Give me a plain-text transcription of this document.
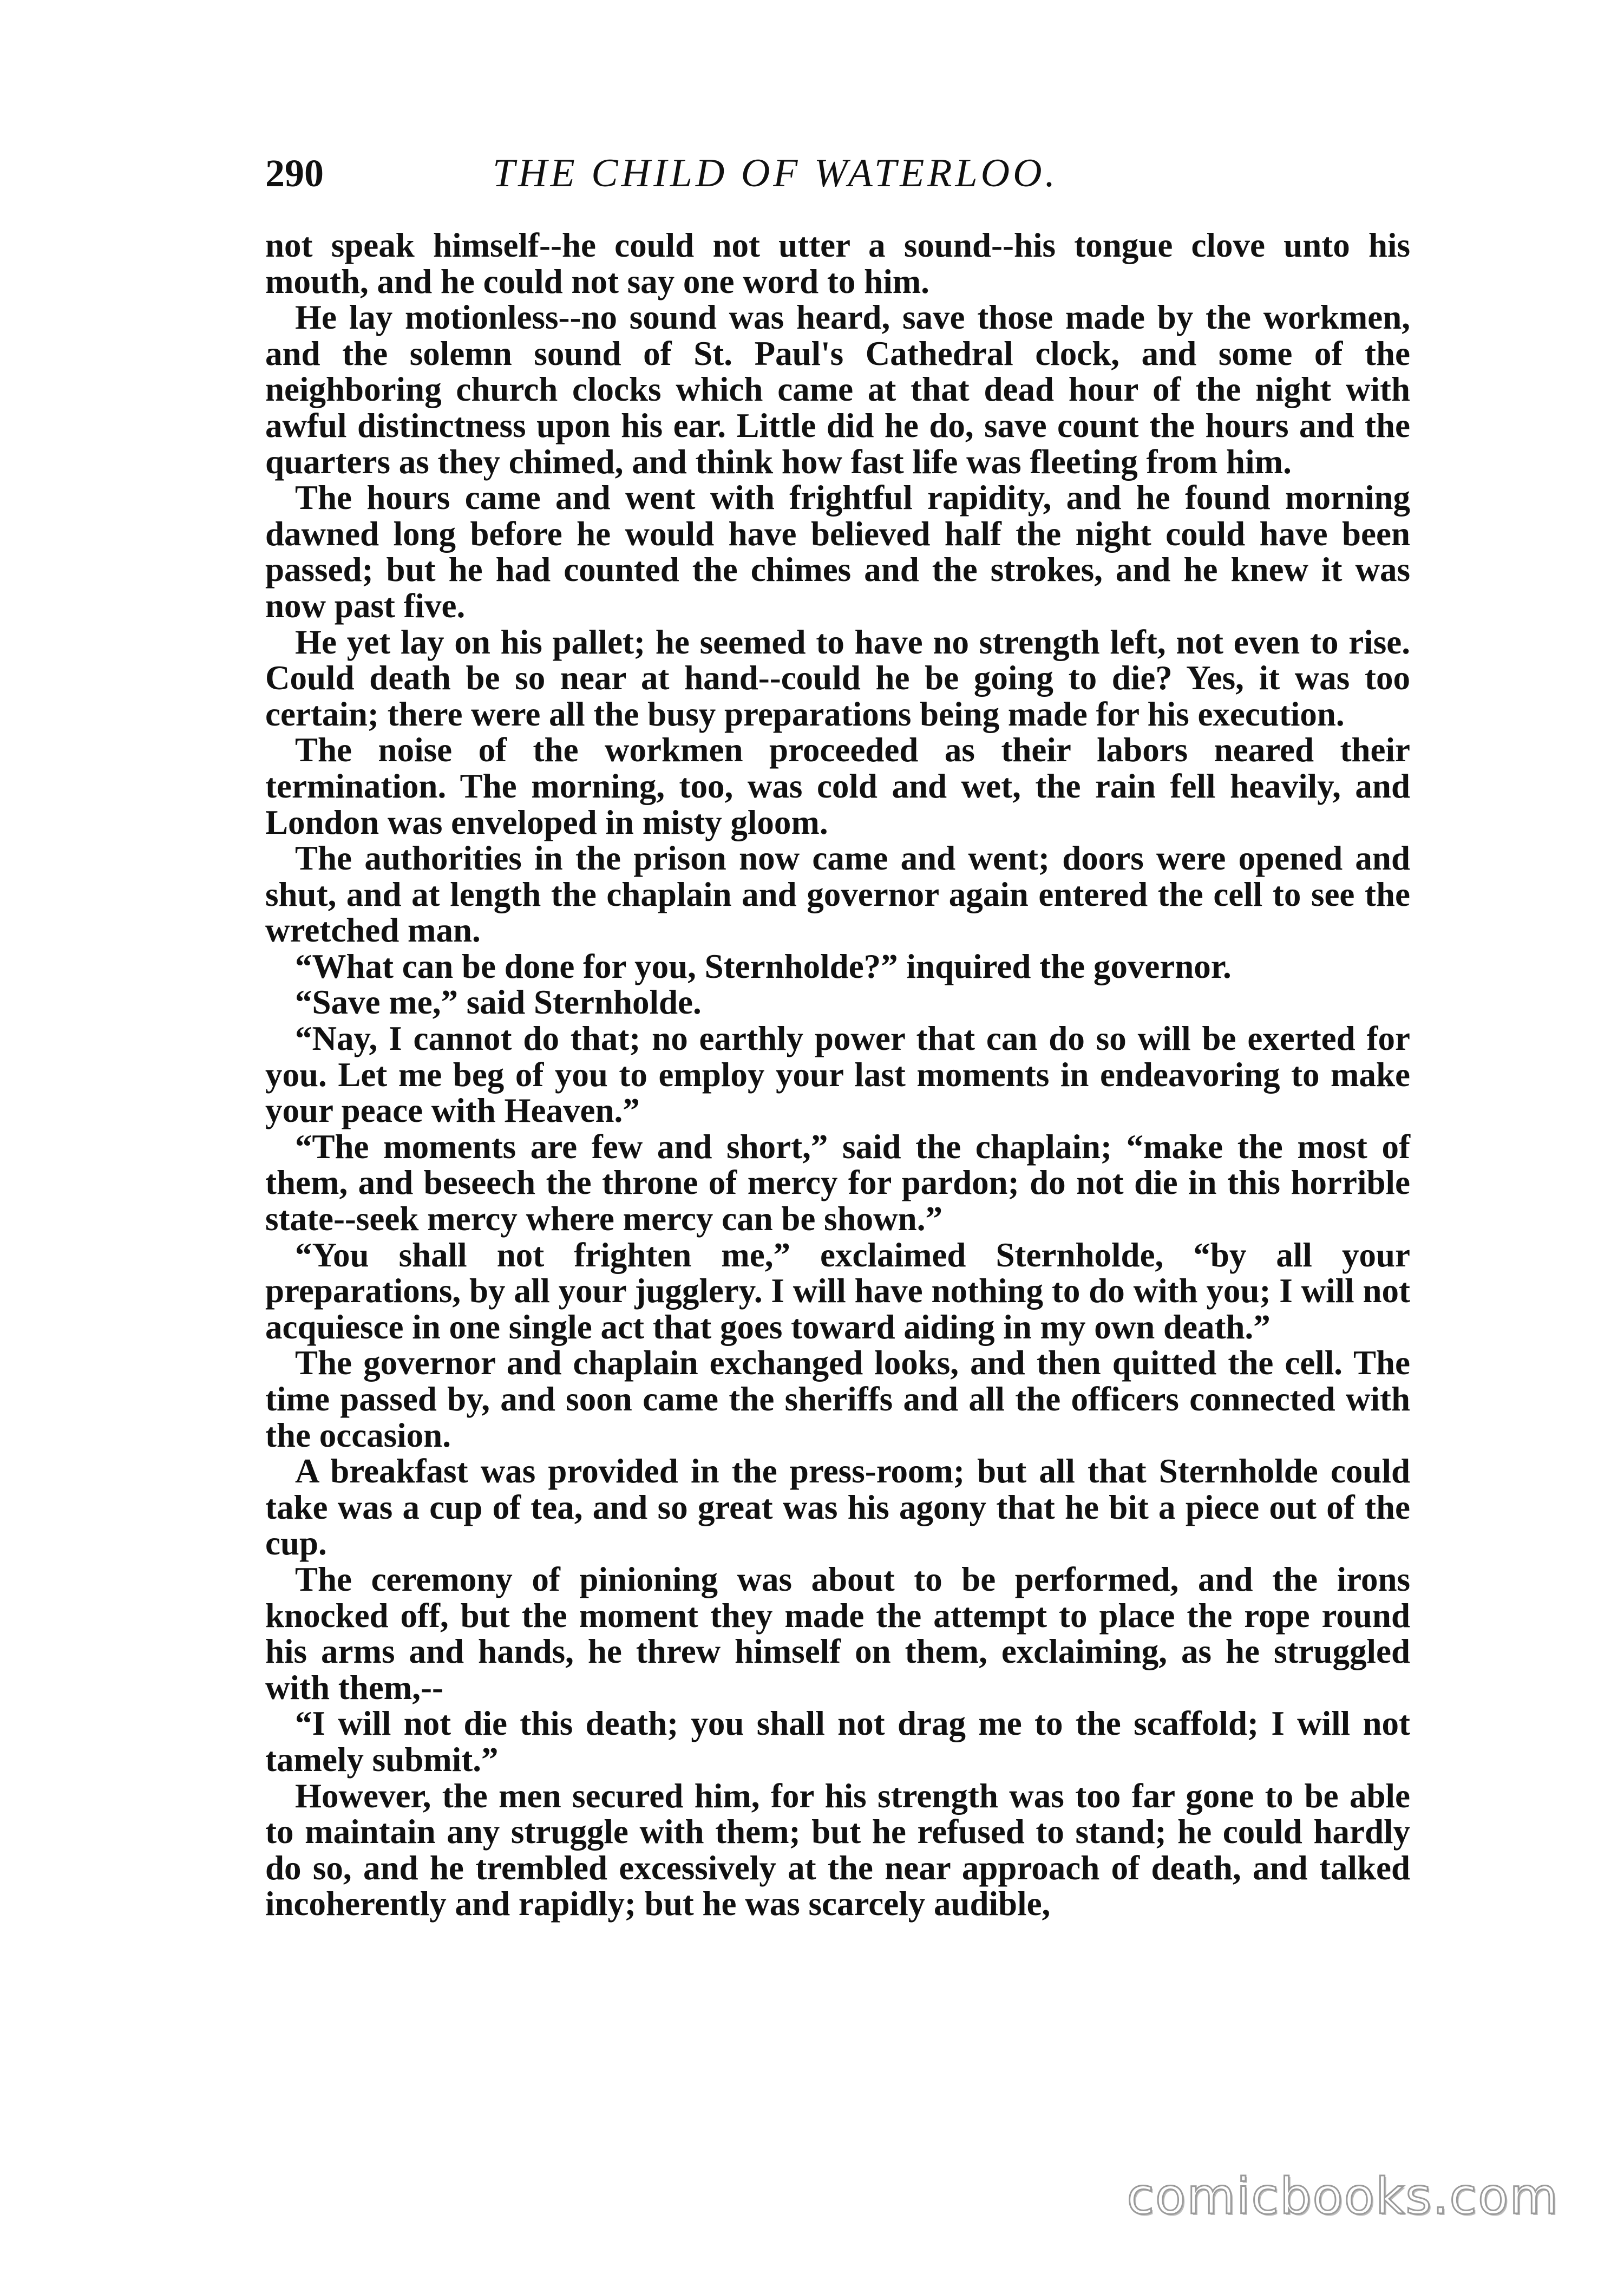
290	THE CHILD OF WATERLOO.

not speak himself--he could not utter a sound--his tongue clove unto his mouth, and he could not say one word to him.

He lay motionless--no sound was heard, save those made by the workmen, and the solemn sound of St. Paul's Cathedral clock, and some of the neighboring church clocks which came at that dead hour of the night with awful distinctness upon his ear. Little did he do, save count the hours and the quarters as they chimed, and think how fast life was fleeting from him.

The hours came and went with frightful rapidity, and he found morning dawned long before he would have believed half the night could have been passed; but he had counted the chimes and the strokes, and he knew it was now past five.

He yet lay on his pallet; he seemed to have no strength left, not even to rise. Could death be so near at hand--could he be going to die? Yes, it was too certain; there were all the busy preparations being made for his execution.

The noise of the workmen proceeded as their labors neared their termination. The morning, too, was cold and wet, the rain fell heavily, and London was enveloped in misty gloom.

The authorities in the prison now came and went; doors were opened and shut, and at length the chaplain and governor again entered the cell to see the wretched man.

“What can be done for you, Sternholde?” inquired the governor.

“Save me,” said Sternholde.

“Nay, I cannot do that; no earthly power that can do so will be exerted for you. Let me beg of you to employ your last moments in endeavoring to make your peace with Heaven.”

“The moments are few and short,” said the chaplain; “make the most of them, and beseech the throne of mercy for pardon; do not die in this horrible state--seek mercy where mercy can be shown.”

“You shall not frighten me,” exclaimed Sternholde, “by all your preparations, by all your jugglery. I will have nothing to do with you; I will not acquiesce in one single act that goes toward aiding in my own death.”

The governor and chaplain exchanged looks, and then quitted the cell. The time passed by, and soon came the sheriffs and all the officers connected with the occasion.

A breakfast was provided in the press-room; but all that Sternholde could take was a cup of tea, and so great was his agony that he bit a piece out of the cup.

The ceremony of pinioning was about to be performed, and the irons knocked off, but the moment they made the attempt to place the rope round his arms and hands, he threw himself on them, exclaiming, as he struggled with them,--

“I will not die this death; you shall not drag me to the scaffold; I will not tamely submit.”

However, the men secured him, for his strength was too far gone to be able to maintain any struggle with them; but he refused to stand; he could hardly do so, and he trembled excessively at the near approach of death, and talked incoherently and rapidly; but he was scarcely audible,

comicbooks.com
